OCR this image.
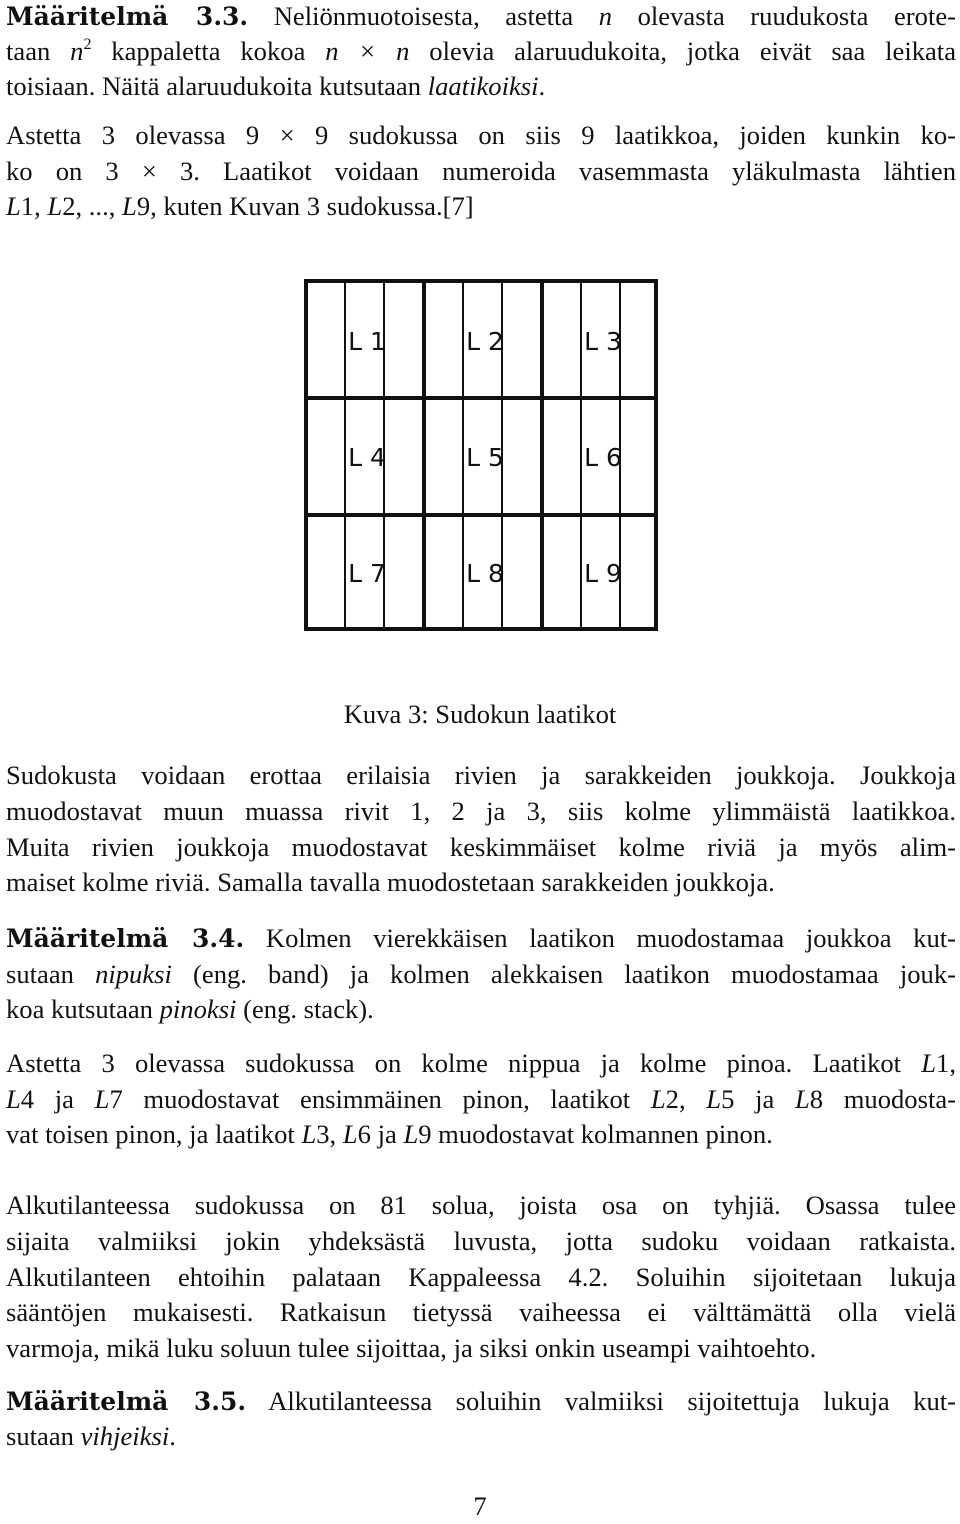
Määritelmä 3.3. Neliönmuotoisesta, astetta n olevasta ruudukosta erote-
taan $n^2$ kappaletta kokoa n × n olevia alaruudukoita, jotka eivät saa leikata
toisiaan. Näitä alaruudukoita kutsutaan laatikoiksi.
Astetta 3 olevassa 9 × 9 sudokussa on siis 9 laatikkoa, joiden kunkin ko-
ko on 3 × 3. Laatikot voidaan numeroida vasemmasta yläkulmasta lähtien
L1, L2, ..., L9, kuten Kuvan 3 sudokussa.[7]
L 1	L 2	L 3
L 4	L 5	L 6
L 7	L 8	L 9
Kuva 3: Sudokun laatikot
Sudokusta voidaan erottaa erilaisia rivien ja sarakkeiden joukkoja. Joukkoja
muodostavat muun muassa rivit 1, 2 ja 3, siis kolme ylimmäistä laatikkoa.
Muita rivien joukkoja muodostavat keskimmäiset kolme riviä ja myös alim-
maiset kolme riviä. Samalla tavalla muodostetaan sarakkeiden joukkoja.
Määritelmä 3.4. Kolmen vierekkäisen laatikon muodostamaa joukkoa kut-
sutaan nipuksi (eng. band) ja kolmen alekkaisen laatikon muodostamaa jouk-
koa kutsutaan pinoksi (eng. stack).
Astetta 3 olevassa sudokussa on kolme nippua ja kolme pinoa. Laatikot L1,
L4 ja L7 muodostavat ensimmäinen pinon, laatikot L2, L5 ja L8 muodosta-
vat toisen pinon, ja laatikot L3, L6 ja L9 muodostavat kolmannen pinon.
Alkutilanteessa sudokussa on 81 solua, joista osa on tyhjiä. Osassa tulee
sijaita valmiiksi jokin yhdeksästä luvusta, jotta sudoku voidaan ratkaista.
Alkutilanteen ehtoihin palataan Kappaleessa 4.2. Soluihin sijoitetaan lukuja
sääntöjen mukaisesti. Ratkaisun tietyssä vaiheessa ei välttämättä olla vielä
varmoja, mikä luku soluun tulee sijoittaa, ja siksi onkin useampi vaihtoehto.
Määritelmä 3.5. Alkutilanteessa soluihin valmiiksi sijoitettuja lukuja kut-
sutaan vihjeiksi.
7
